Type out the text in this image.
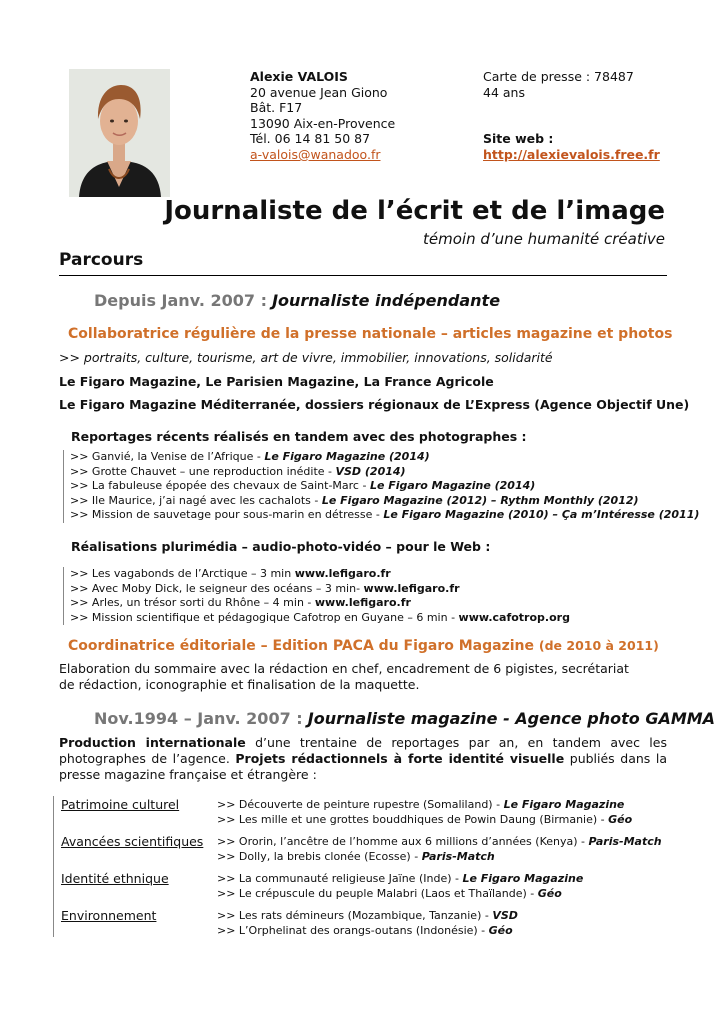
Alexie VALOIS
20 avenue Jean Giono
Bât. F17
13090 Aix-en-Provence
Tél. 06 14 81 50 87
a-valois@wanadoo.fr
Carte de presse : 78487
44 ans
Site web :
http://alexievalois.free.fr
Journaliste de l’écrit et de l’image
témoin d’une humanité créative
Parcours
Depuis Janv. 2007 : Journaliste indépendante
Collaboratrice régulière de la presse nationale – articles magazine et photos
>> portraits, culture, tourisme, art de vivre, immobilier, innovations, solidarité
Le Figaro Magazine, Le Parisien Magazine, La France Agricole
Le Figaro Magazine Méditerranée, dossiers régionaux de L’Express (Agence Objectif Une)
Reportages récents réalisés en tandem avec des photographes :
>> Ganvié, la Venise de l’Afrique - Le Figaro Magazine (2014)
>> Grotte Chauvet – une reproduction inédite - VSD (2014)
>> La fabuleuse épopée des chevaux de Saint-Marc - Le Figaro Magazine (2014)
>> Ile Maurice, j’ai nagé avec les cachalots - Le Figaro Magazine (2012) – Rythm Monthly (2012)
>> Mission de sauvetage pour sous-marin en détresse - Le Figaro Magazine (2010) – Ça m’Intéresse (2011)
Réalisations plurimédia – audio-photo-vidéo – pour le Web :
>> Les vagabonds de l’Arctique – 3 min www.lefigaro.fr
>> Avec Moby Dick, le seigneur des océans – 3 min- www.lefigaro.fr
>> Arles, un trésor sorti du Rhône – 4 min - www.lefigaro.fr
>> Mission scientifique et pédagogique Cafotrop en Guyane – 6 min - www.cafotrop.org
Coordinatrice éditoriale – Edition PACA du Figaro Magazine (de 2010 à 2011)
Elaboration du sommaire avec la rédaction en chef, encadrement de 6 pigistes, secrétariat
de rédaction, iconographie et finalisation de la maquette.
Nov.1994 – Janv. 2007 : Journaliste magazine - Agence photo GAMMA
Production internationale d’une trentaine de reportages par an, en tandem avec les photographes de l’agence. Projets rédactionnels à forte identité visuelle publiés dans la presse magazine française et étrangère :
Patrimoine culturel	>> Découverte de peinture rupestre (Somaliland) - Le Figaro Magazine
>> Les mille et une grottes bouddhiques de Powin Daung (Birmanie) - Géo
Avancées scientifiques >> Ororin, l’ancêtre de l’homme aux 6 millions d’années (Kenya) - Paris-Match
>> Dolly, la brebis clonée (Ecosse) - Paris-Match
Identité ethnique	>> La communauté religieuse Jaïne (Inde) - Le Figaro Magazine
>> Le crépuscule du peuple Malabri (Laos et Thaïlande) - Géo
Environnement	>> Les rats démineurs (Mozambique, Tanzanie) - VSD
>> L’Orphelinat des orangs-outans (Indonésie) - Géo
